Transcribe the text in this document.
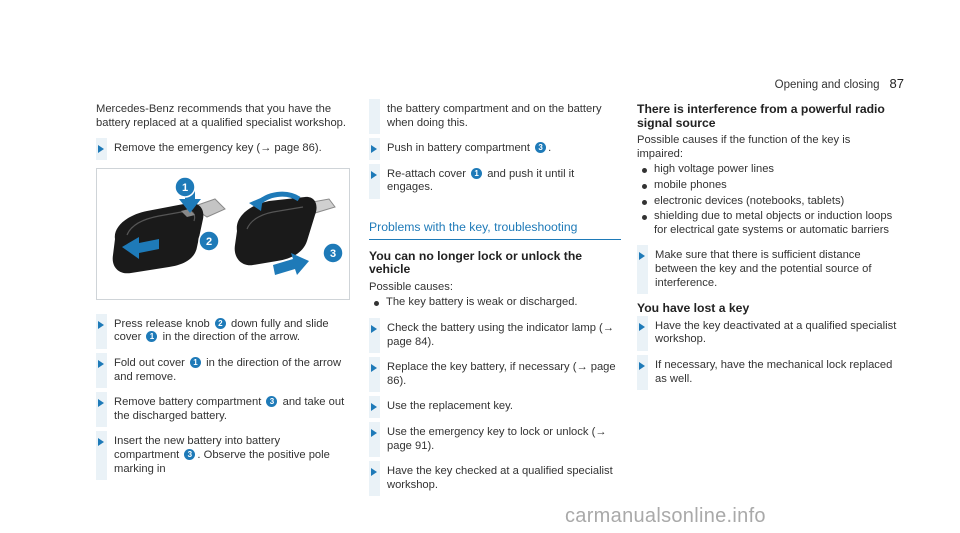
Opening and closing 87

Mercedes-Benz recommends that you have the battery replaced at a qualified specialist workshop.

Remove the emergency key (→ page 86).
1
2
3
Press release knob 2 down fully and slide cover 1 in the direction of the arrow.
Fold out cover 1 in the direction of the arrow and remove.
Remove battery compartment 3 and take out the discharged battery.
Insert the new battery into battery compartment 3 . Observe the positive pole marking in
the battery compartment and on the battery when doing this.
Push in battery compartment 3 .
Re-attach cover 1 and push it until it engages.
Problems with the key, troubleshooting
You can no longer lock or unlock the vehicle

Possible causes:

The key battery is weak or discharged.
Check the battery using the indicator lamp (→ page 84).
Replace the key battery, if necessary (→ page 86).
Use the replacement key.
Use the emergency key to lock or unlock (→ page 91).
Have the key checked at a qualified specialist workshop.
There is interference from a powerful radio signal source

Possible causes if the function of the key is impaired:

high voltage power lines
mobile phones
electronic devices (notebooks, tablets)
shielding due to metal objects or induction loops for electrical gate systems or automatic barriers
Make sure that there is sufficient distance between the key and the potential source of interference.
You have lost a key
Have the key deactivated at a qualified specialist workshop.
If necessary, have the mechanical lock replaced as well.
carmanualsonline.info
